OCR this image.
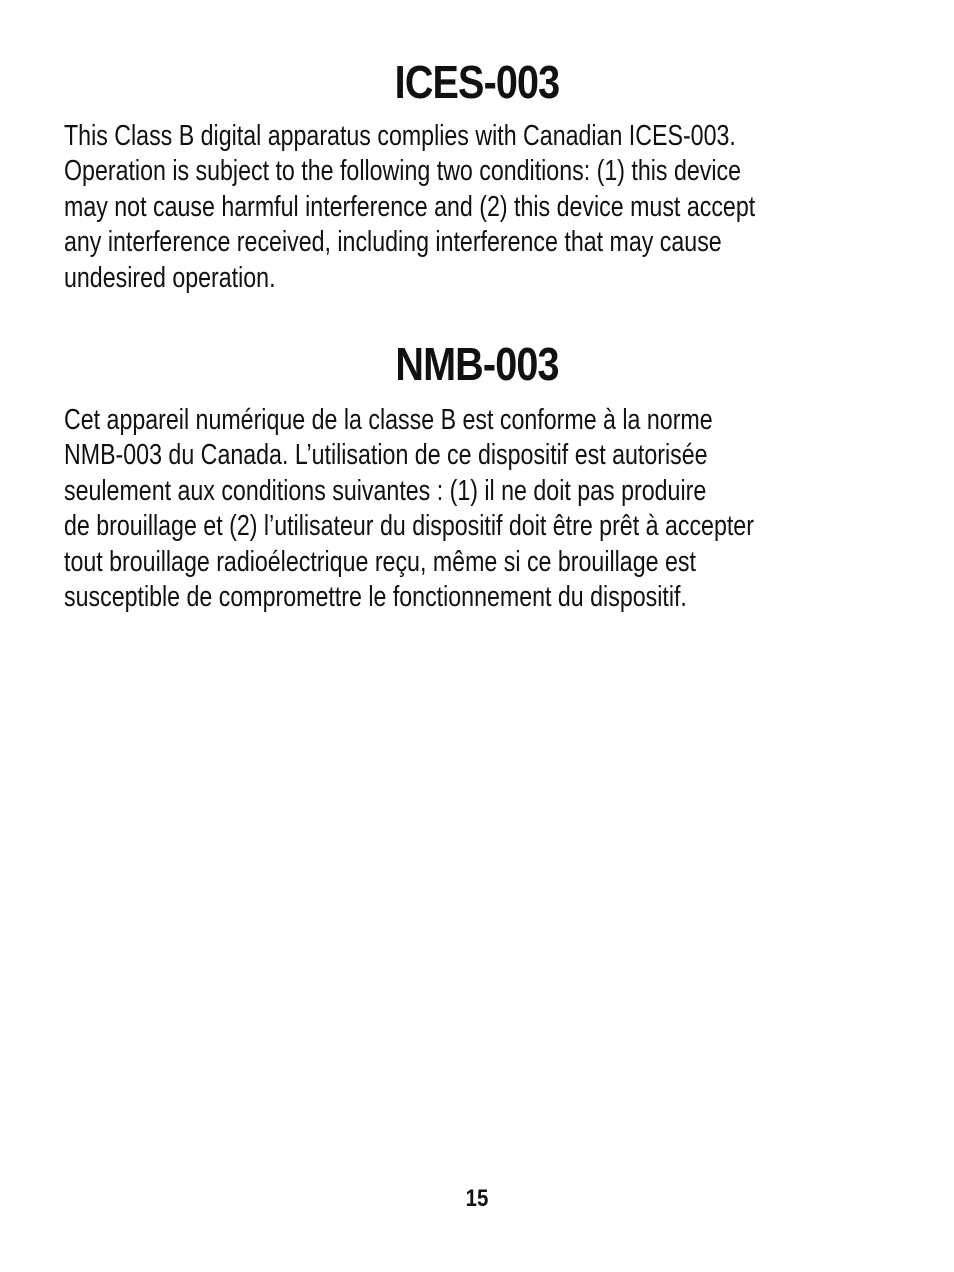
ICES-003

This Class B digital apparatus complies with Canadian ICES-003.
Operation is subject to the following two conditions: (1) this device
may not cause harmful interference and (2) this device must accept
any interference received, including interference that may cause
undesired operation.

NMB-003

Cet appareil numérique de la classe B est conforme à la norme
NMB-003 du Canada. L’utilisation de ce dispositif est autorisée
seulement aux conditions suivantes : (1) il ne doit pas produire
de brouillage et (2) l’utilisateur du dispositif doit être prêt à accepter
tout brouillage radioélectrique reçu, même si ce brouillage est
susceptible de compromettre le fonctionnement du dispositif.

15
